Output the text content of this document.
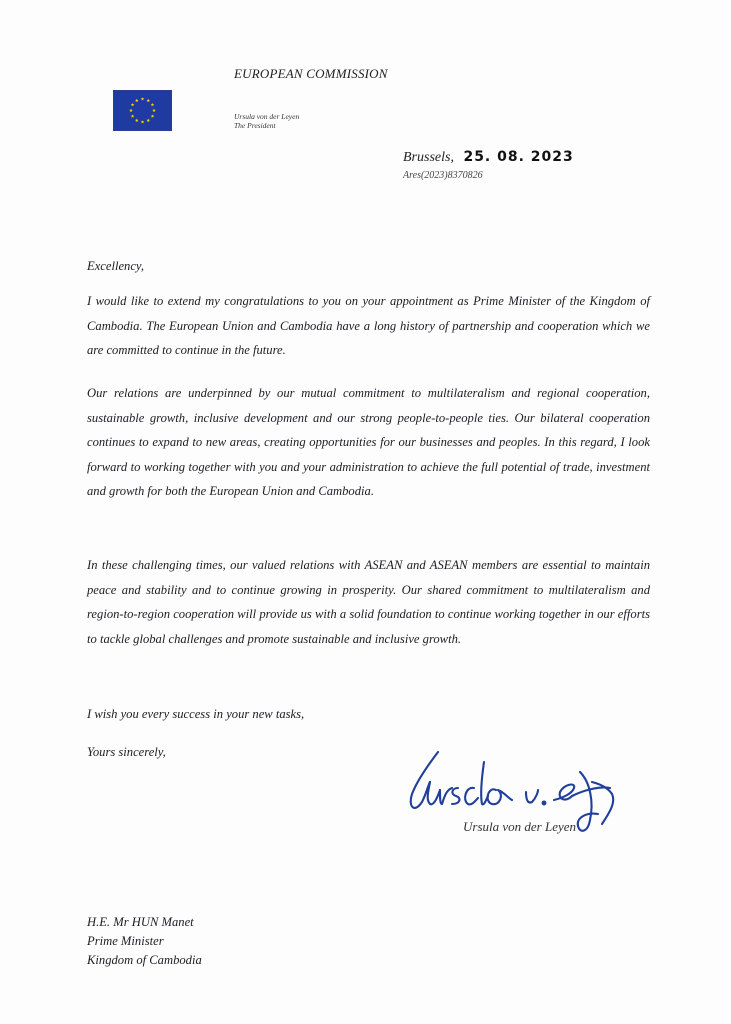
EUROPEAN COMMISSION
Ursula von der Leyen
The President
Brussels, 25. 08. 2023
Ares(2023)8370826
Excellency,
I would like to extend my congratulations to you on your appointment as Prime Minister of the Kingdom of Cambodia. The European Union and Cambodia have a long history of partnership and cooperation which we are committed to continue in the future.
Our relations are underpinned by our mutual commitment to multilateralism and regional cooperation, sustainable growth, inclusive development and our strong people-to-people ties. Our bilateral cooperation continues to expand to new areas, creating opportunities for our businesses and peoples. In this regard, I look forward to working together with you and your administration to achieve the full potential of trade, investment and growth for both the European Union and Cambodia.
In these challenging times, our valued relations with ASEAN and ASEAN members are essential to maintain peace and stability and to continue growing in prosperity. Our shared commitment to multilateralism and region-to-region cooperation will provide us with a solid foundation to continue working together in our efforts to tackle global challenges and promote sustainable and inclusive growth.
I wish you every success in your new tasks,
Yours sincerely,
Ursula von der Leyen
H.E. Mr HUN Manet
Prime Minister
Kingdom of Cambodia
